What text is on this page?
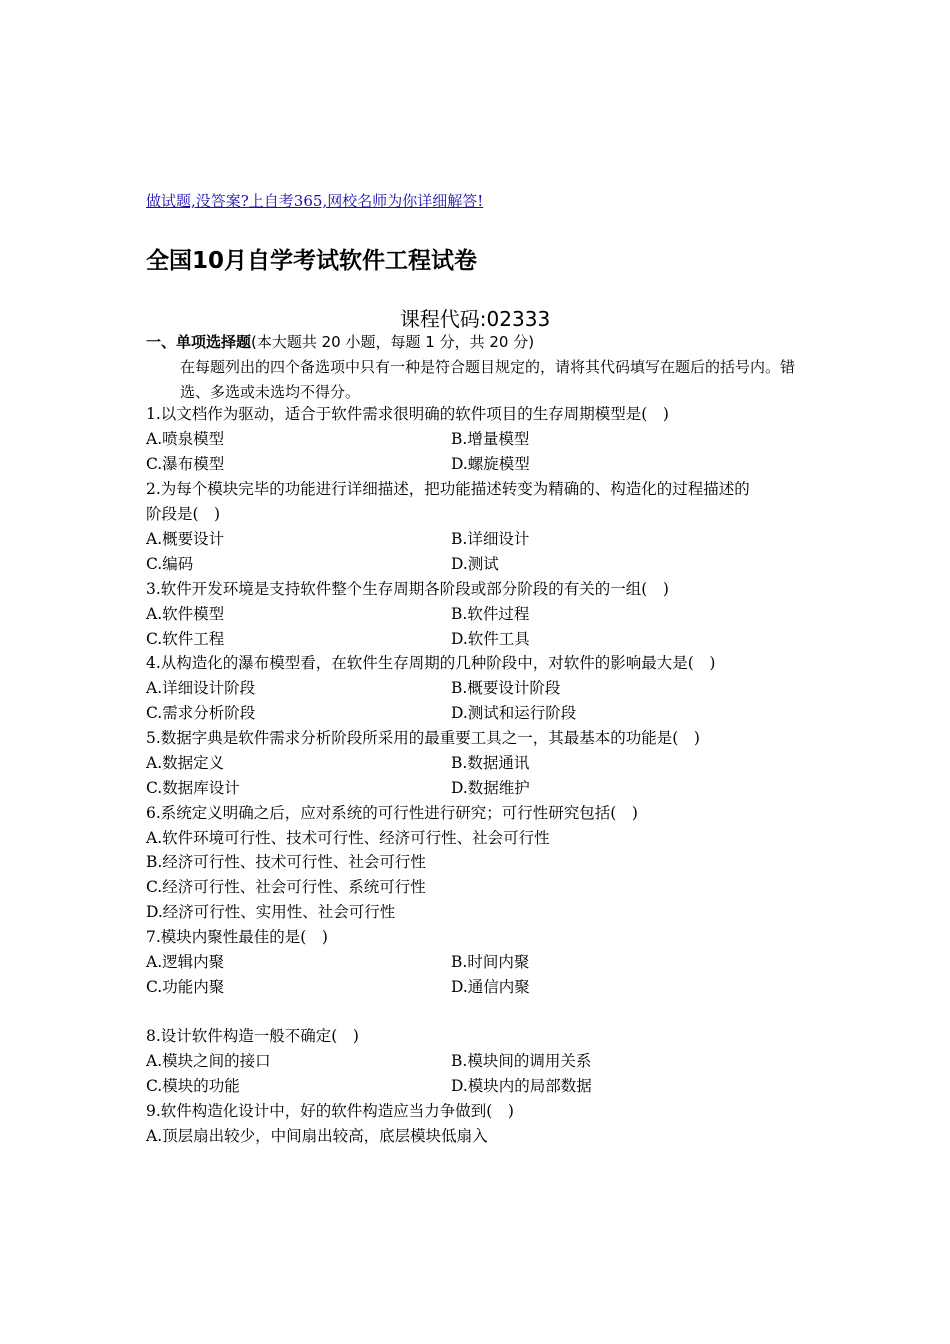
做试题,没答案?上自考365,网校名师为你详细解答!
全国10月自学考试软件工程试卷
课程代码:02333
一、单项选择题(本大题共 20 小题，每题 1 分，共 20 分)
在每题列出的四个备选项中只有一种是符合题目规定的，请将其代码填写在题后的括号内。错选、多选或未选均不得分。
1.以文档作为驱动，适合于软件需求很明确的软件项目的生存周期模型是(　)
A.喷泉模型	B.增量模型
C.瀑布模型	D.螺旋模型
2.为每个模块完毕的功能进行详细描述，把功能描述转变为精确的、构造化的过程描述的
阶段是(　)
A.概要设计	B.详细设计
C.编码	D.测试
3.软件开发环境是支持软件整个生存周期各阶段或部分阶段的有关的一组(　)
A.软件模型	B.软件过程
C.软件工程	D.软件工具
4.从构造化的瀑布模型看，在软件生存周期的几种阶段中，对软件的影响最大是(　)
A.详细设计阶段	B.概要设计阶段
C.需求分析阶段	D.测试和运行阶段
5.数据字典是软件需求分析阶段所采用的最重要工具之一，其最基本的功能是(　)
A.数据定义	B.数据通讯
C.数据库设计	D.数据维护
6.系统定义明确之后，应对系统的可行性进行研究；可行性研究包括(　)
A.软件环境可行性、技术可行性、经济可行性、社会可行性
B.经济可行性、技术可行性、社会可行性
C.经济可行性、社会可行性、系统可行性
D.经济可行性、实用性、社会可行性
7.模块内聚性最佳的是(　)
A.逻辑内聚	B.时间内聚
C.功能内聚	D.通信内聚
8.设计软件构造一般不确定(　)
A.模块之间的接口	B.模块间的调用关系
C.模块的功能	D.模块内的局部数据
9.软件构造化设计中，好的软件构造应当力争做到(　)
A.顶层扇出较少，中间扇出较高，底层模块低扇入
